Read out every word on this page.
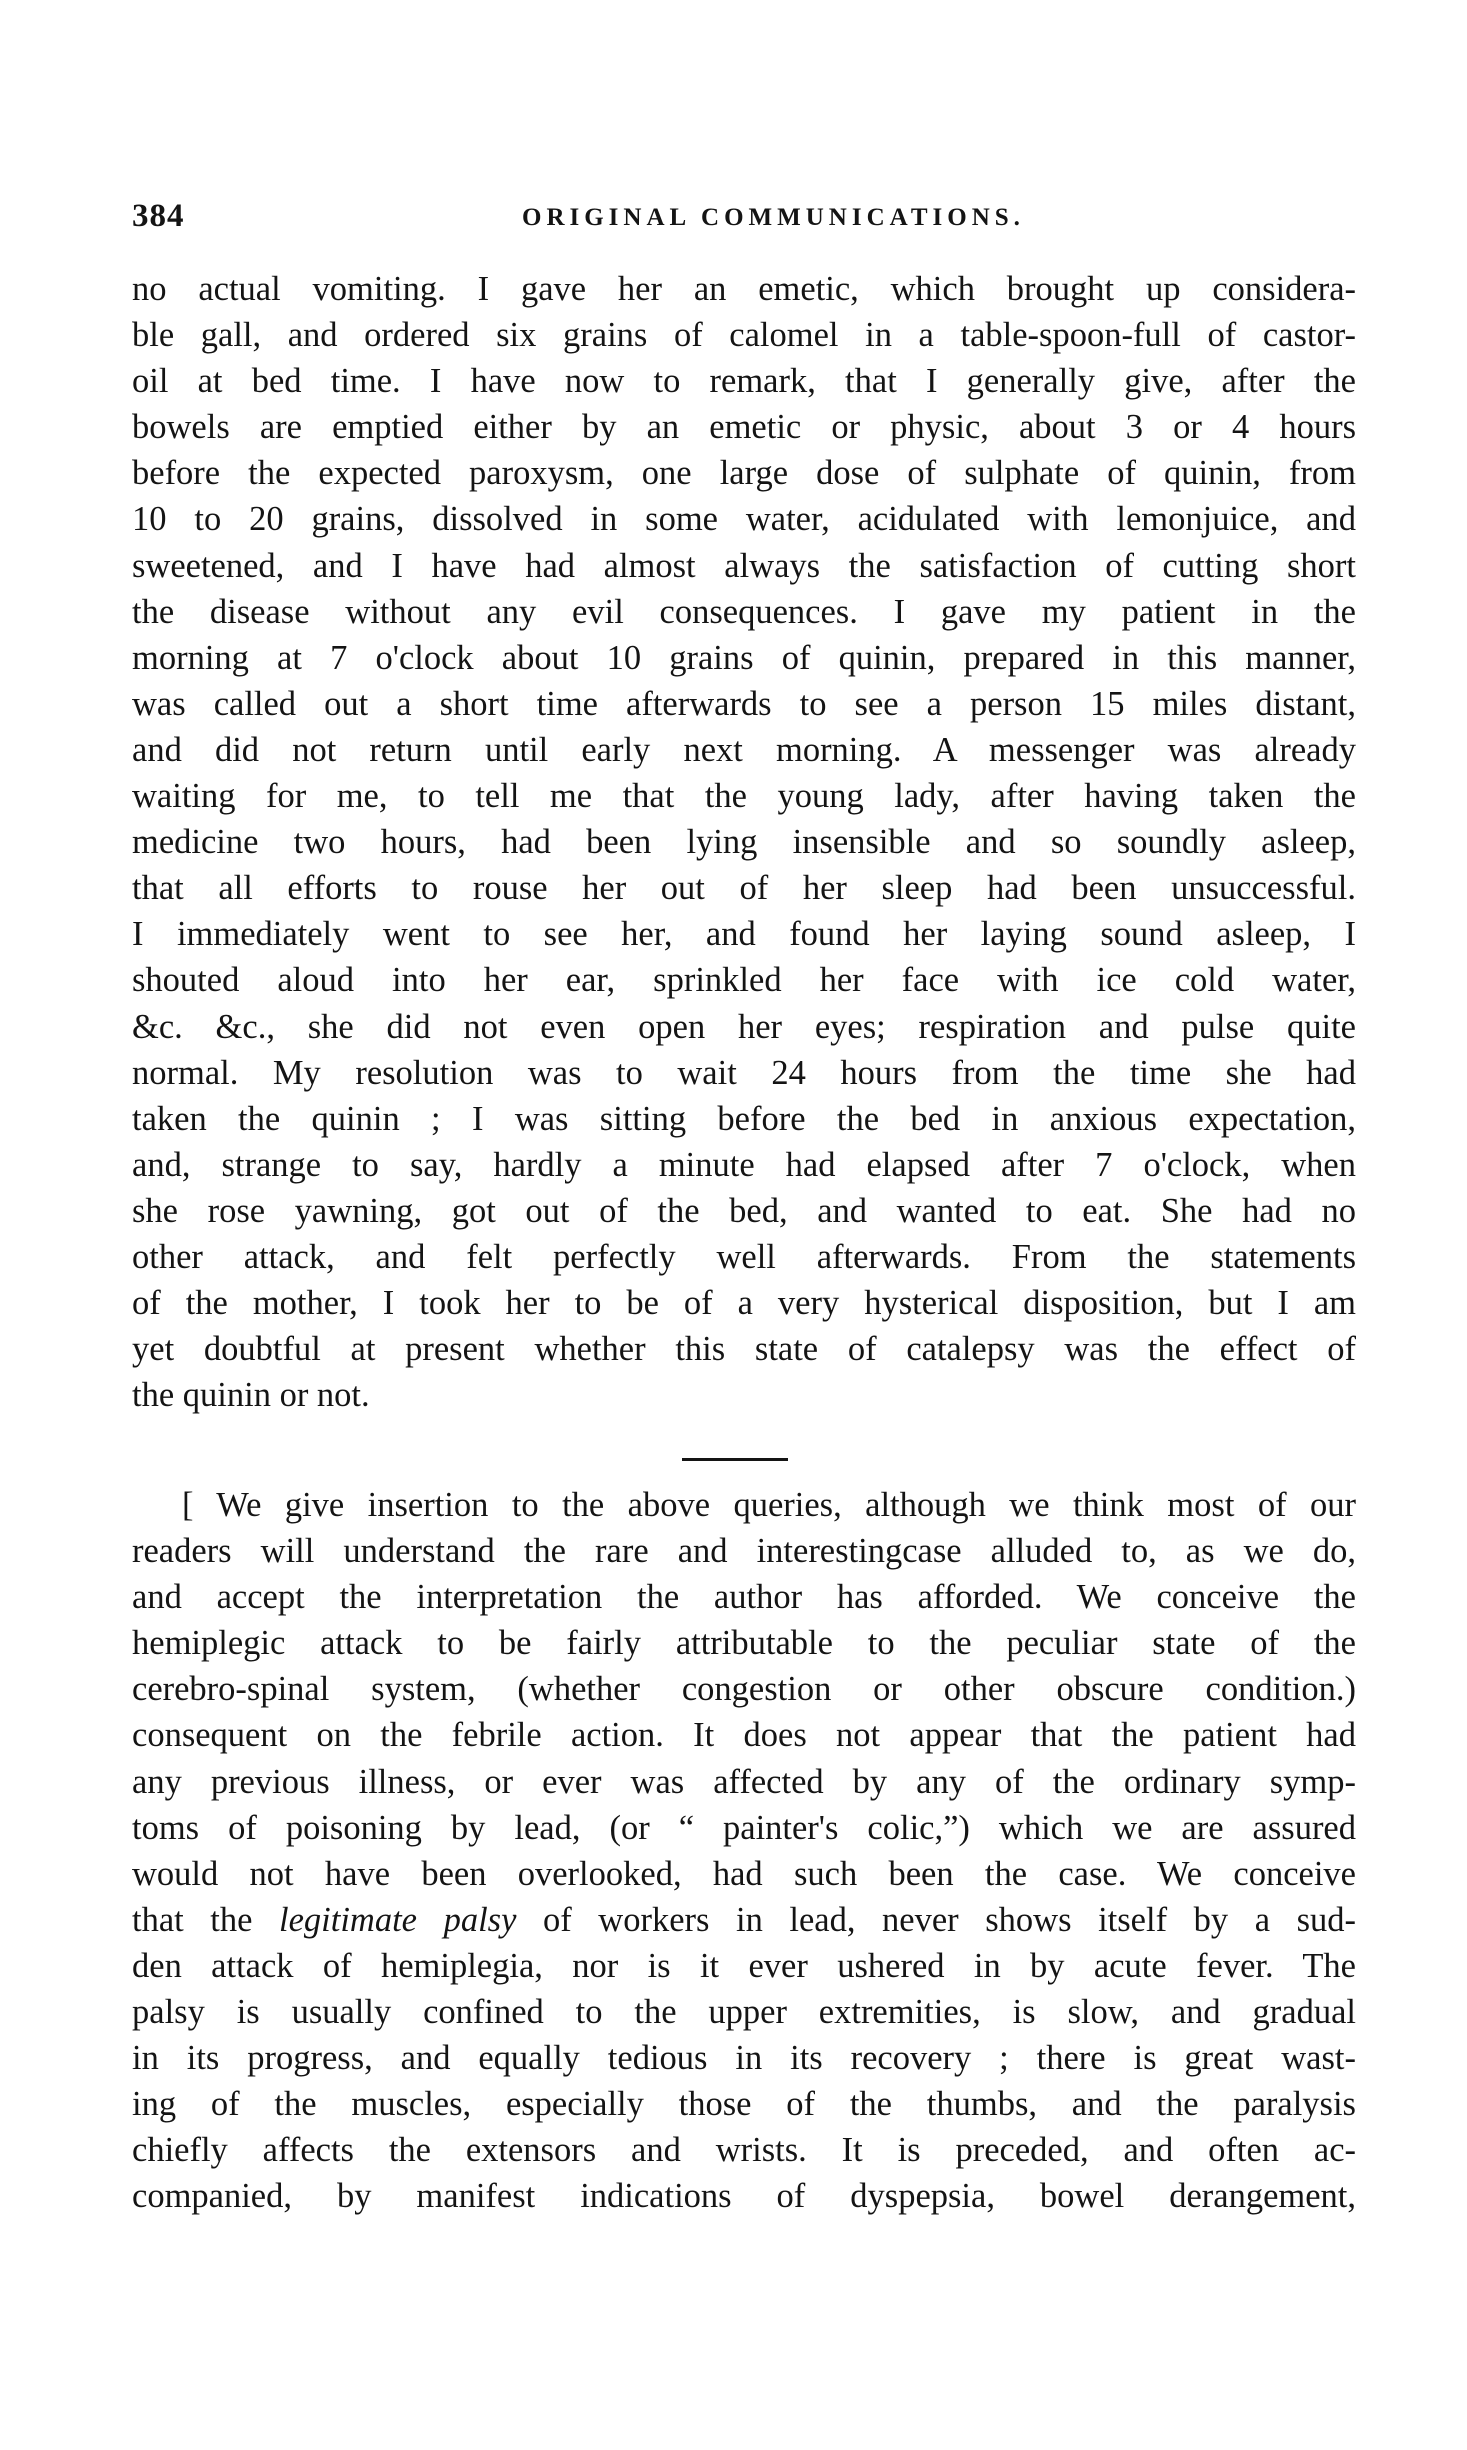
384	ORIGINAL COMMUNICATIONS.
no actual vomiting. I gave her an emetic, which brought up considera-
ble gall, and ordered six grains of calomel in a table-spoon-full of castor-
oil at bed time. I have now to remark, that I generally give, after the
bowels are emptied either by an emetic or physic, about 3 or 4 hours
before the expected paroxysm, one large dose of sulphate of quinin, from
10 to 20 grains, dissolved in some water, acidulated with lemonjuice, and
sweetened, and I have had almost always the satisfaction of cutting short
the disease without any evil consequences. I gave my patient in the
morning at 7 o'clock about 10 grains of quinin, prepared in this manner,
was called out a short time afterwards to see a person 15 miles distant,
and did not return until early next morning. A messenger was already
waiting for me, to tell me that the young lady, after having taken the
medicine two hours, had been lying insensible and so soundly asleep,
that all efforts to rouse her out of her sleep had been unsuccessful.
I immediately went to see her, and found her laying sound asleep, I
shouted aloud into her ear, sprinkled her face with ice cold water,
&c. &c., she did not even open her eyes; respiration and pulse quite
normal. My resolution was to wait 24 hours from the time she had
taken the quinin ; I was sitting before the bed in anxious expectation,
and, strange to say, hardly a minute had elapsed after 7 o'clock, when
she rose yawning, got out of the bed, and wanted to eat. She had no
other attack, and felt perfectly well afterwards. From the statements
of the mother, I took her to be of a very hysterical disposition, but I am
yet doubtful at present whether this state of catalepsy was the effect of
the quinin or not.
[ We give insertion to the above queries, although we think most of our
readers will understand the rare and interestingcase alluded to, as we do,
and accept the interpretation the author has afforded. We conceive the
hemiplegic attack to be fairly attributable to the peculiar state of the
cerebro-spinal system, (whether congestion or other obscure condition.)
consequent on the febrile action. It does not appear that the patient had
any previous illness, or ever was affected by any of the ordinary symp-
toms of poisoning by lead, (or “ painter's colic,”) which we are assured
would not have been overlooked, had such been the case. We conceive
that the legitimate palsy of workers in lead, never shows itself by a sud-
den attack of hemiplegia, nor is it ever ushered in by acute fever. The
palsy is usually confined to the upper extremities, is slow, and gradual
in its progress, and equally tedious in its recovery ; there is great wast-
ing of the muscles, especially those of the thumbs, and the paralysis
chiefly affects the extensors and wrists. It is preceded, and often ac-
companied, by manifest indications of dyspepsia, bowel derangement,
